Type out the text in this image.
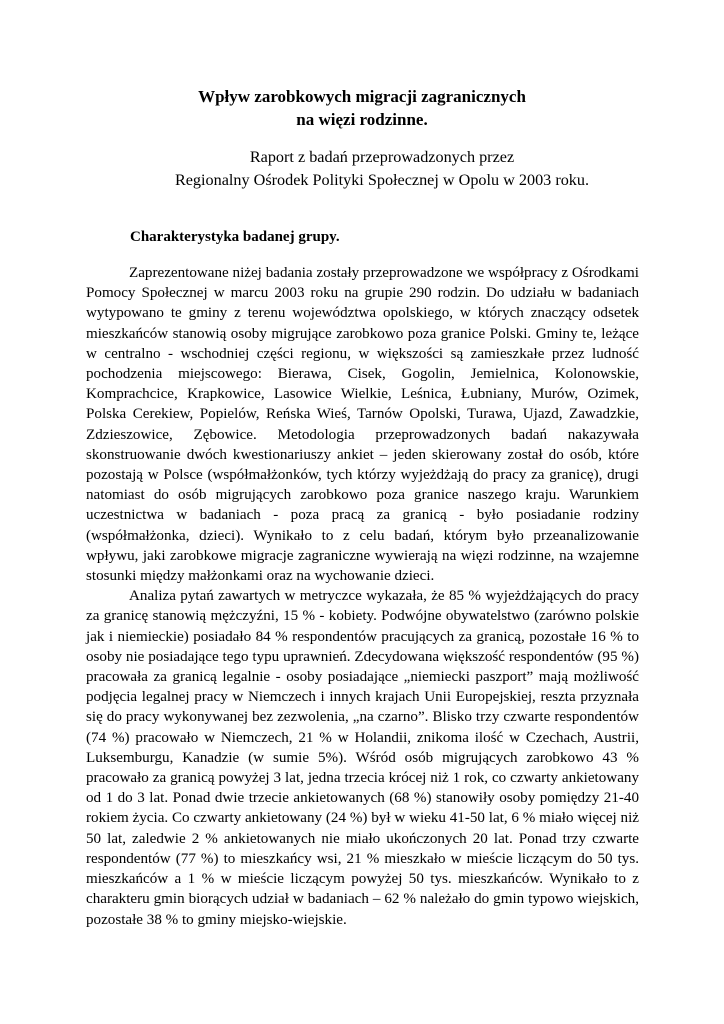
Wpływ zarobkowych migracji zagranicznych
na więzi rodzinne.
Raport z badań przeprowadzonych przez
Regionalny Ośrodek Polityki Społecznej w Opolu w 2003 roku.
Charakterystyka badanej grupy.

Zaprezentowane niżej badania zostały przeprowadzone we współpracy z Ośrodkami Pomocy Społecznej w marcu 2003 roku na grupie 290 rodzin. Do udziału w badaniach wytypowano te gminy z terenu województwa opolskiego, w których znaczący odsetek mieszkańców stanowią osoby migrujące zarobkowo poza granice Polski. Gminy te, leżące w centralno - wschodniej części regionu, w większości są zamieszkałe przez ludność pochodzenia miejscowego: Bierawa, Cisek, Gogolin, Jemielnica, Kolonowskie, Komprachcice, Krapkowice, Lasowice Wielkie, Leśnica, Łubniany, Murów, Ozimek, Polska Cerekiew, Popielów, Reńska Wieś, Tarnów Opolski, Turawa, Ujazd, Zawadzkie, Zdzieszowice, Zębowice. Metodologia przeprowadzonych badań nakazywała skonstruowanie dwóch kwestionariuszy ankiet – jeden skierowany został do osób, które pozostają w Polsce (współmałżonków, tych którzy wyjeżdżają do pracy za granicę), drugi natomiast do osób migrujących zarobkowo poza granice naszego kraju. Warunkiem uczestnictwa w badaniach - poza pracą za granicą - było posiadanie rodziny (współmałżonka, dzieci). Wynikało to z celu badań, którym było przeanalizowanie wpływu, jaki zarobkowe migracje zagraniczne wywierają na więzi rodzinne, na wzajemne stosunki między małżonkami oraz na wychowanie dzieci.

Analiza pytań zawartych w metryczce wykazała, że 85 % wyjeżdżających do pracy za granicę stanowią mężczyźni, 15 % - kobiety. Podwójne obywatelstwo (zarówno polskie jak i niemieckie) posiadało 84 % respondentów pracujących za granicą, pozostałe 16 % to osoby nie posiadające tego typu uprawnień. Zdecydowana większość respondentów (95 %) pracowała za granicą legalnie - osoby posiadające „niemiecki paszport” mają możliwość podjęcia legalnej pracy w Niemczech i innych krajach Unii Europejskiej, reszta przyznała się do pracy wykonywanej bez zezwolenia, „na czarno”. Blisko trzy czwarte respondentów (74 %) pracowało w Niemczech, 21 % w Holandii, znikoma ilość w Czechach, Austrii, Luksemburgu, Kanadzie (w sumie 5%). Wśród osób migrujących zarobkowo 43 % pracowało za granicą powyżej 3 lat, jedna trzecia krócej niż 1 rok, co czwarty ankietowany od 1 do 3 lat. Ponad dwie trzecie ankietowanych (68 %) stanowiły osoby pomiędzy 21-40 rokiem życia. Co czwarty ankietowany (24 %) był w wieku 41-50 lat, 6 % miało więcej niż 50 lat, zaledwie 2 % ankietowanych nie miało ukończonych 20 lat. Ponad trzy czwarte respondentów (77 %) to mieszkańcy wsi, 21 % mieszkało w mieście liczącym do 50 tys. mieszkańców a 1 % w mieście liczącym powyżej 50 tys. mieszkańców. Wynikało to z charakteru gmin biorących udział w badaniach – 62 % należało do gmin typowo wiejskich, pozostałe 38 % to gminy miejsko-wiejskie.
